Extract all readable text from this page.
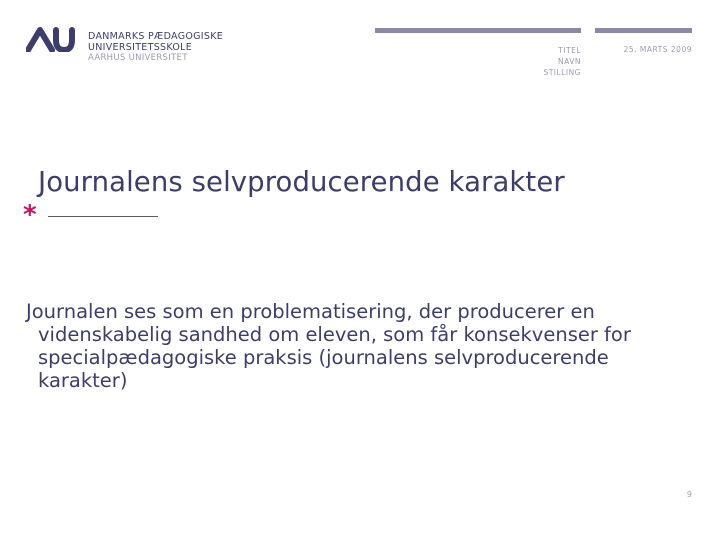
DANMARKS PÆDAGOGISKE
UNIVERSITETSSKOLE
AARHUS UNIVERSITET
TITEL
NAVN
STILLING
25. MARTS 2009
Journalens selvproducerende karakter
*
Journalen ses som en problematisering, der producerer en videnskabelig sandhed om eleven, som får konsekvenser for specialpædagogiske praksis (journalens selvproducerende karakter)
9
